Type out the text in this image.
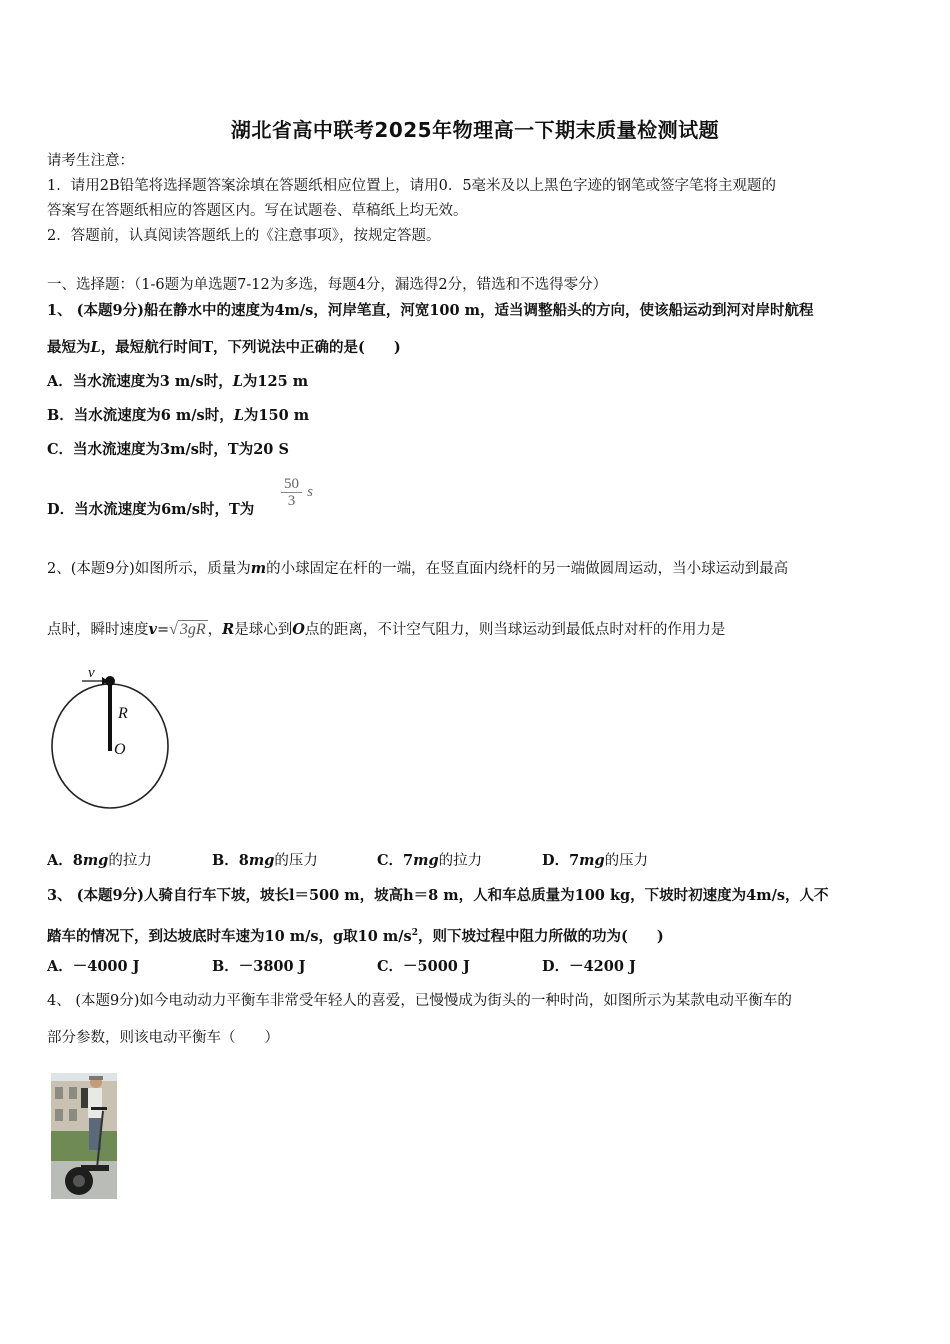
湖北省高中联考2025年物理高一下期末质量检测试题
请考生注意：
1．请用2B铅笔将选择题答案涂填在答题纸相应位置上，请用0．5毫米及以上黑色字迹的钢笔或签字笔将主观题的
答案写在答题纸相应的答题区内。写在试题卷、草稿纸上均无效。
2．答题前，认真阅读答题纸上的《注意事项》，按规定答题。
一、选择题：（1-6题为单选题7-12为多选，每题4分，漏选得2分，错选和不选得零分）
1、 (本题9分)船在静水中的速度为4m/s，河岸笔直，河宽100 m，适当调整船头的方向，使该船运动到河对岸时航程
最短为L，最短航行时间T，下列说法中正确的是(　　)
A．当水流速度为3 m/s时，L为125 m
B．当水流速度为6 m/s时，L为150 m
C．当水流速度为3m/s时，T为20 S
D．当水流速度为6m/s时，T为
$\frac{50}{3}$ s
2、(本题9分)如图所示，质量为m的小球固定在杆的一端，在竖直面内绕杆的另一端做圆周运动，当小球运动到最高
点时，瞬时速度v=√ 3gR ，R是球心到O点的距离，不计空气阻力，则当球运动到最低点时对杆的作用力是
v
R
O
A．8mg的拉力	B．8mg的压力	C．7mg的拉力	D．7mg的压力
3、 (本题9分)人骑自行车下坡，坡长l＝500 m，坡高h＝8 m，人和车总质量为100 kg，下坡时初速度为4m/s，人不
踏车的情况下，到达坡底时车速为10 m/s，g取10 $m/s^2$，则下坡过程中阻力所做的功为(　　)
A．－4000 J	B．－3800 J	C．－5000 J	D．－4200 J
4、 (本题9分)如今电动动力平衡车非常受年轻人的喜爱，已慢慢成为街头的一种时尚，如图所示为某款电动平衡车的
部分参数，则该电动平衡车（　　）
